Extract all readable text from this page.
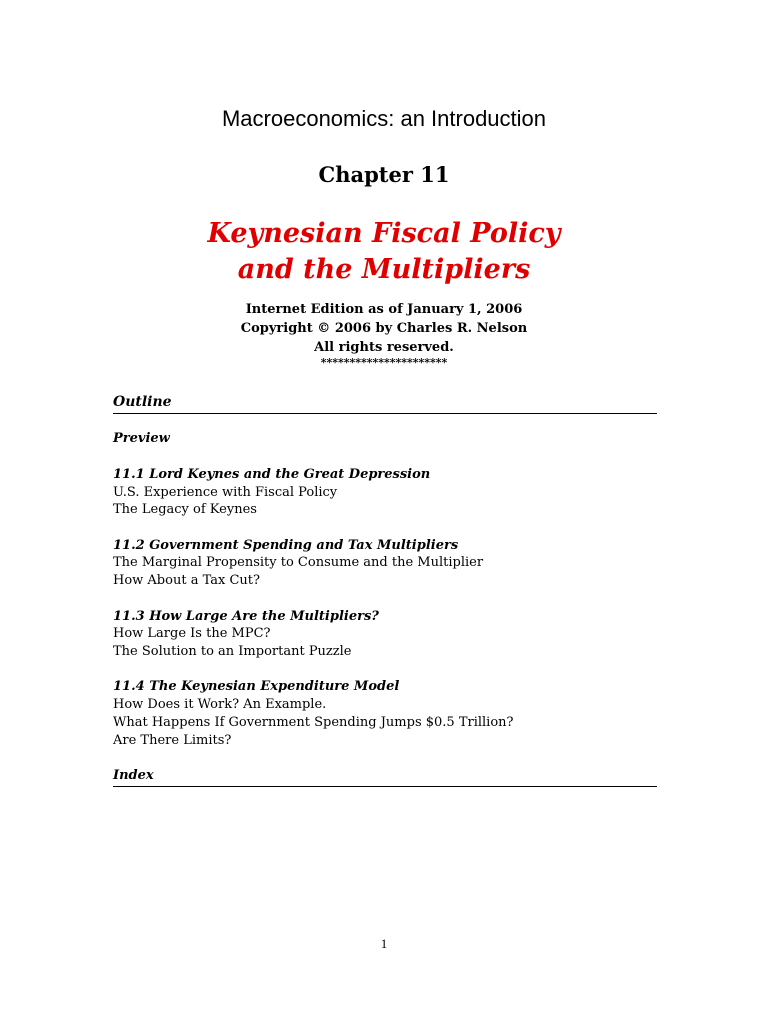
Macroeconomics: an Introduction
Chapter 11
Keynesian Fiscal Policy
and the Multipliers
Internet Edition as of January 1, 2006
Copyright © 2006 by Charles R. Nelson
All rights reserved.
**********************
Outline
Preview
11.1 Lord Keynes and the Great Depression
U.S. Experience with Fiscal Policy
The Legacy of Keynes
11.2 Government Spending and Tax Multipliers
The Marginal Propensity to Consume and the Multiplier
How About a Tax Cut?
11.3 How Large Are the Multipliers?
How Large Is the MPC?
The Solution to an Important Puzzle
11.4 The Keynesian Expenditure Model
How Does it Work? An Example.
What Happens If Government Spending Jumps $0.5 Trillion?
Are There Limits?
Index
1
